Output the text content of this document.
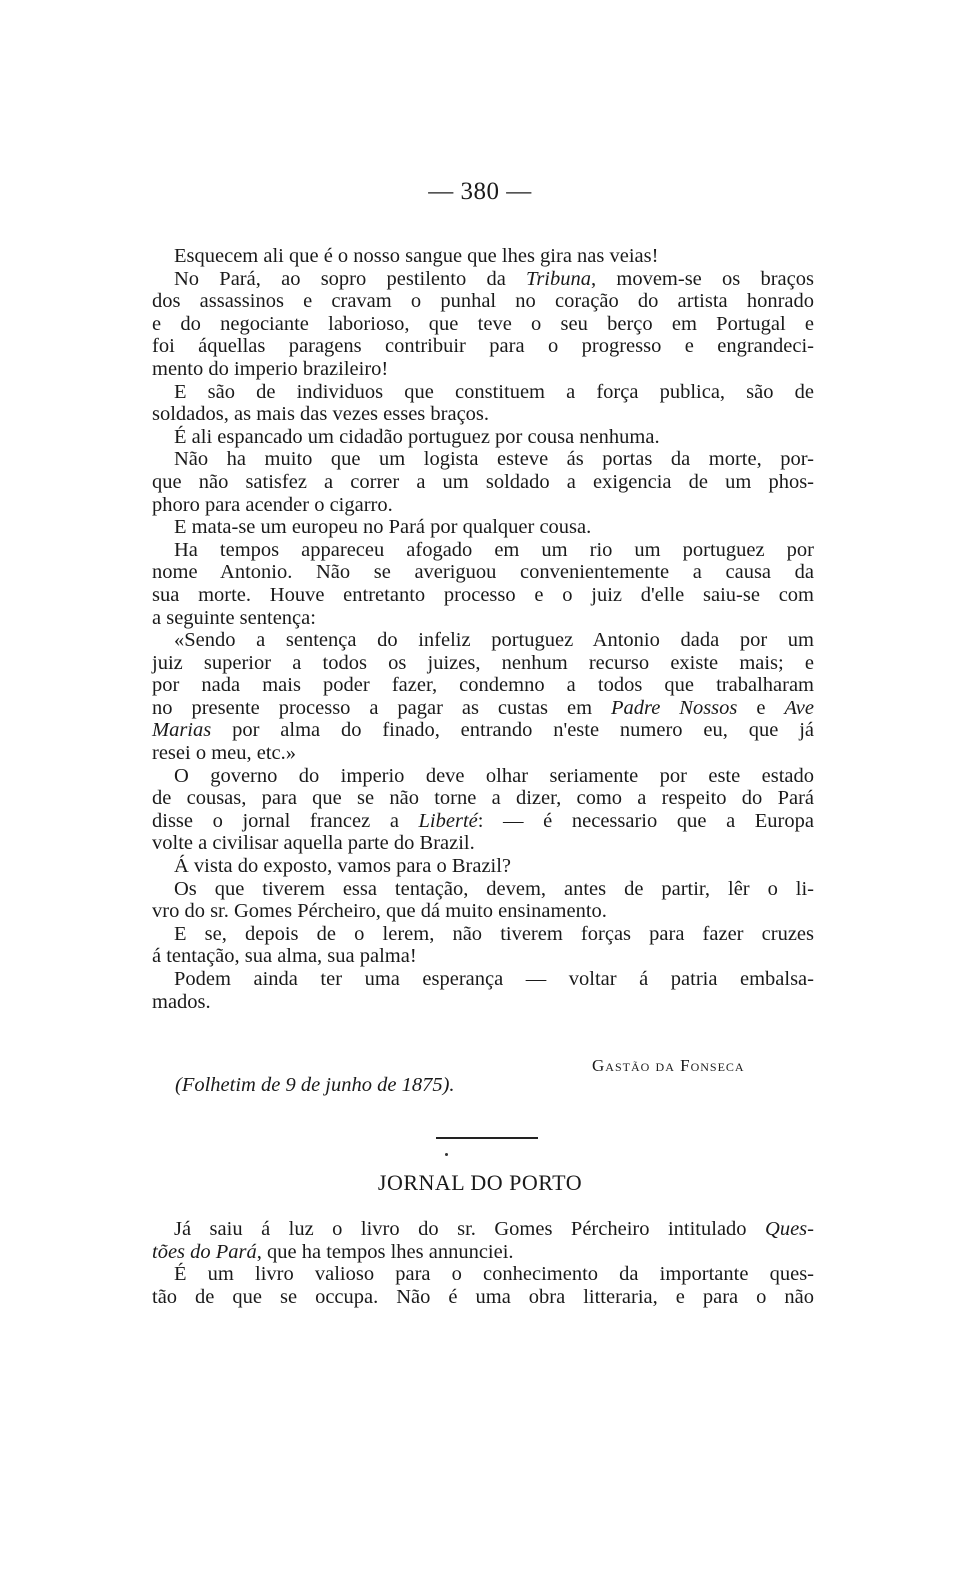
— 380 —
Esquecem ali que é o nosso sangue que lhes gira nas veias!
No Pará, ao sopro pestilento da Tribuna, movem-se os braços
dos assassinos e cravam o punhal no coração do artista honrado
e do negociante laborioso, que teve o seu berço em Portugal e
foi áquellas paragens contribuir para o progresso e engrandeci-
mento do imperio brazileiro!
E são de individuos que constituem a força publica, são de
soldados, as mais das vezes esses braços.
É ali espancado um cidadão portuguez por cousa nenhuma.
Não ha muito que um logista esteve ás portas da morte, por-
que não satisfez a correr a um soldado a exigencia de um phos-
phoro para acender o cigarro.
E mata-se um europeu no Pará por qualquer cousa.
Ha tempos appareceu afogado em um rio um portuguez por
nome Antonio. Não se averiguou convenientemente a causa da
sua morte. Houve entretanto processo e o juiz d'elle saiu-se com
a seguinte sentença:
«Sendo a sentença do infeliz portuguez Antonio dada por um
juiz superior a todos os juizes, nenhum recurso existe mais; e
por nada mais poder fazer, condemno a todos que trabalharam
no presente processo a pagar as custas em Padre Nossos e Ave
Marias por alma do finado, entrando n'este numero eu, que já
resei o meu, etc.»
O governo do imperio deve olhar seriamente por este estado
de cousas, para que se não torne a dizer, como a respeito do Pará
disse o jornal francez a Liberté: — é necessario que a Europa
volte a civilisar aquella parte do Brazil.
Á vista do exposto, vamos para o Brazil?
Os que tiverem essa tentação, devem, antes de partir, lêr o li-
vro do sr. Gomes Pércheiro, que dá muito ensinamento.
E se, depois de o lerem, não tiverem forças para fazer cruzes
á tentação, sua alma, sua palma!
Podem ainda ter uma esperança — voltar á patria embalsa-
mados.
Gastão da Fonseca
(Folhetim de 9 de junho de 1875).
JORNAL DO PORTO
Já saiu á luz o livro do sr. Gomes Pércheiro intitulado Ques-
tões do Pará, que ha tempos lhes annunciei.
É um livro valioso para o conhecimento da importante ques-
tão de que se occupa. Não é uma obra litteraria, e para o não
